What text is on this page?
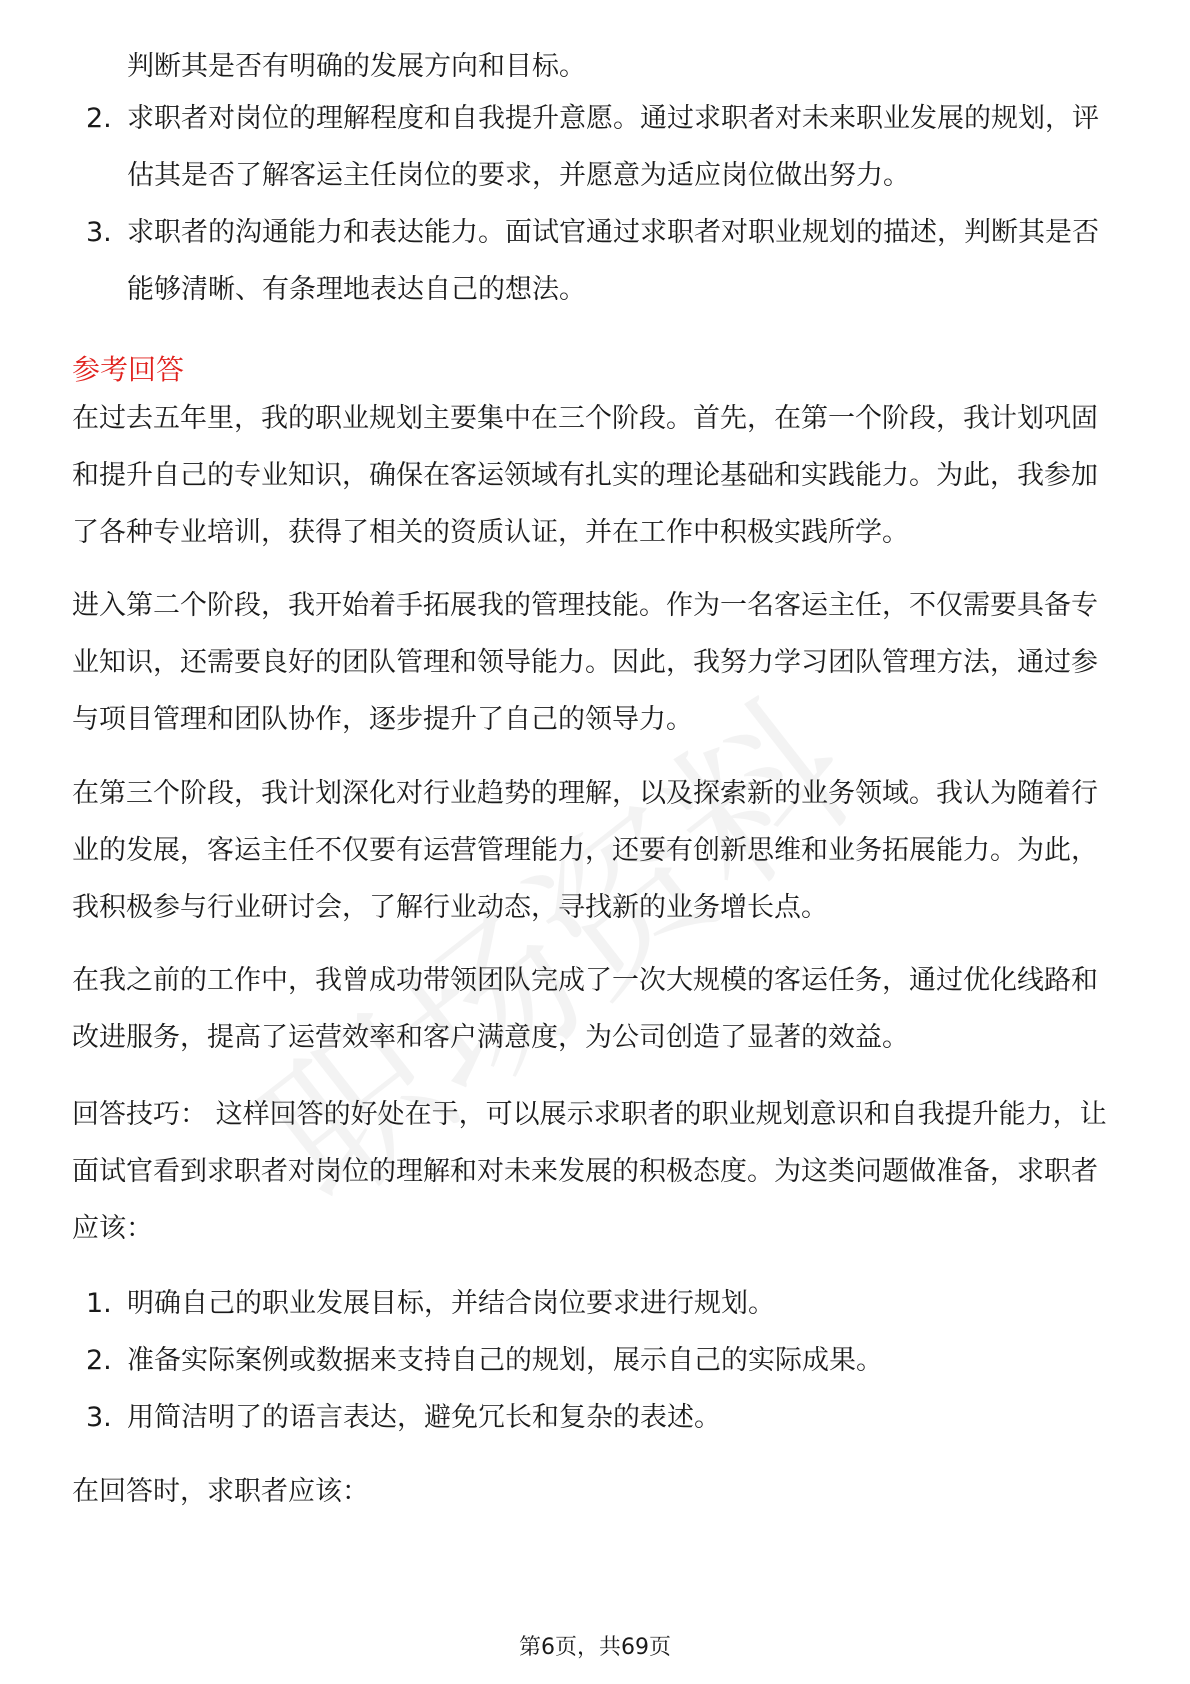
判断其是否有明确的发展方向和目标。

2. 求职者对岗位的理解程度和自我提升意愿。通过求职者对未来职业发展的规划，评估其是否了解客运主任岗位的要求，并愿意为适应岗位做出努力。
3. 求职者的沟通能力和表达能力。面试官通过求职者对职业规划的描述，判断其是否能够清晰、有条理地表达自己的想法。
参考回答

在过去五年里，我的职业规划主要集中在三个阶段。首先，在第一个阶段，我计划巩固和提升自己的专业知识，确保在客运领域有扎实的理论基础和实践能力。为此，我参加了各种专业培训，获得了相关的资质认证，并在工作中积极实践所学。

进入第二个阶段，我开始着手拓展我的管理技能。作为一名客运主任，不仅需要具备专业知识，还需要良好的团队管理和领导能力。因此，我努力学习团队管理方法，通过参与项目管理和团队协作，逐步提升了自己的领导力。

在第三个阶段，我计划深化对行业趋势的理解，以及探索新的业务领域。我认为随着行业的发展，客运主任不仅要有运营管理能力，还要有创新思维和业务拓展能力。为此，我积极参与行业研讨会，了解行业动态，寻找新的业务增长点。

在我之前的工作中，我曾成功带领团队完成了一次大规模的客运任务，通过优化线路和改进服务，提高了运营效率和客户满意度，为公司创造了显著的效益。

回答技巧： 这样回答的好处在于，可以展示求职者的职业规划意识和自我提升能力，让面试官看到求职者对岗位的理解和对未来发展的积极态度。为这类问题做准备，求职者应该：

1. 明确自己的职业发展目标，并结合岗位要求进行规划。
2. 准备实际案例或数据来支持自己的规划，展示自己的实际成果。
3. 用简洁明了的语言表达，避免冗长和复杂的表述。

在回答时，求职者应该：

第6页，共69页
